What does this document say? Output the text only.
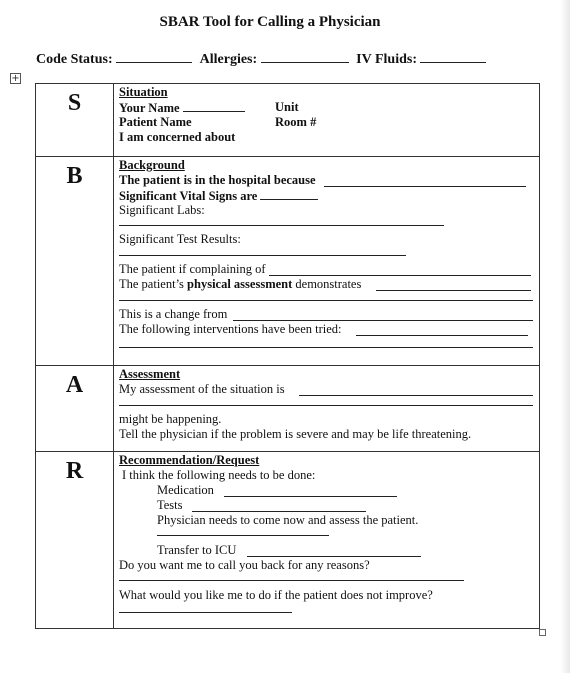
SBAR Tool for Calling a Physician
Code Status:	Allergies:	IV Fluids:
+
S	Situation
Your Name	Unit
Patient Name	Room #
I am concerned about
B	Background
The patient is in the hospital because
Significant Vital Signs are
Significant Labs:
Significant Test Results:
The patient if complaining of
The patient’s physical assessment demonstrates
This is a change from
The following interventions have been tried:
A	Assessment
My assessment of the situation is
might be happening.
Tell the physician if the problem is severe and may be life threatening.
R	Recommendation/Request
I think the following needs to be done:
Medication
Tests
Physician needs to come now and assess the patient.
Transfer to ICU
Do you want me to call you back for any reasons?
What would you like me to do if the patient does not improve?
